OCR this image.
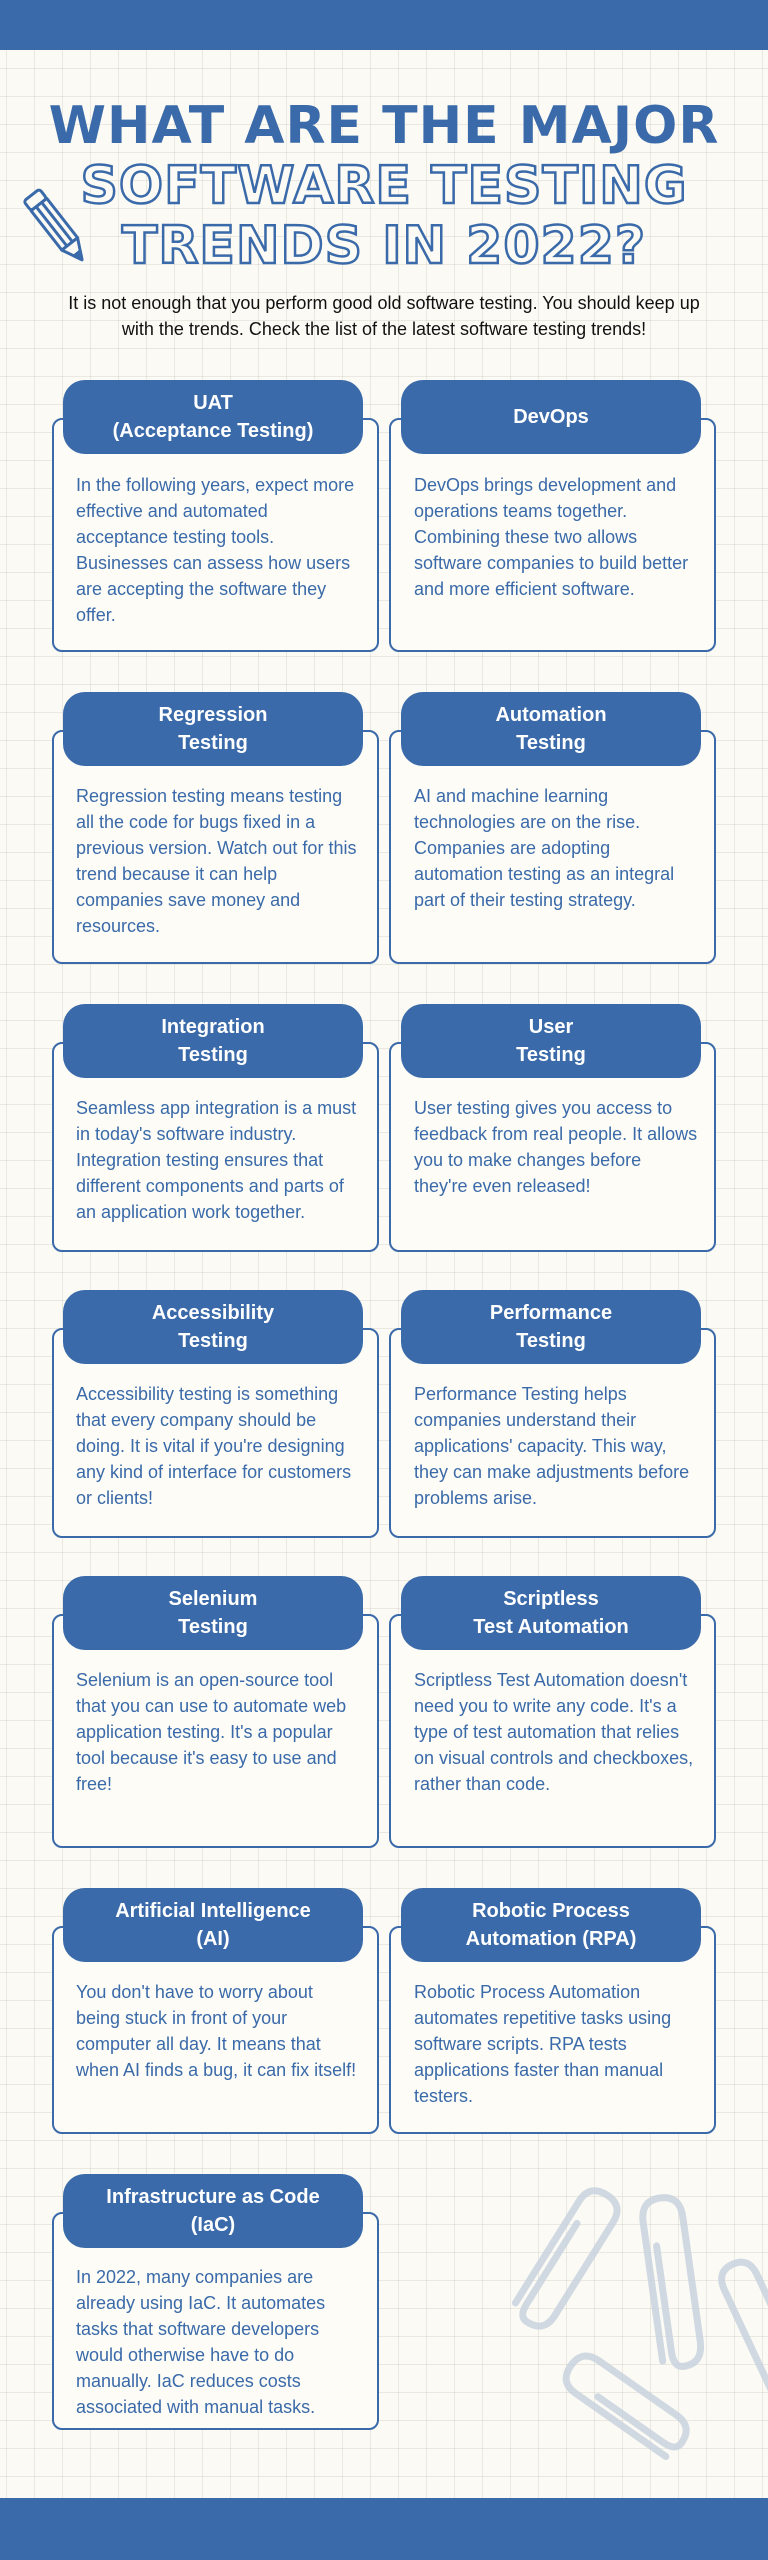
WHAT ARE THE MAJOR
SOFTWARE TESTING
TRENDS IN 2022?
It is not enough that you perform good old software testing. You should keep up with the trends. Check the list of the latest software testing trends!
UAT
(Acceptance Testing)
In the following years, expect more effective and automated acceptance testing tools. Businesses can assess how users are accepting the software they offer.
DevOps
DevOps brings development and operations teams together. Combining these two allows software companies to build better and more efficient software.
Regression
Testing
Regression testing means testing all the code for bugs fixed in a previous version. Watch out for this trend because it can help companies save money and resources.
Automation
Testing
AI and machine learning technologies are on the rise. Companies are adopting automation testing as an integral part of their testing strategy.
Integration
Testing
Seamless app integration is a must in today's software industry. Integration testing ensures that different components and parts of an application work together.
User
Testing
User testing gives you access to feedback from real people. It allows you to make changes before they're even released!
Accessibility
Testing
Accessibility testing is something that every company should be doing. It is vital if you're designing any kind of interface for customers or clients!
Performance
Testing
Performance Testing helps companies understand their applications' capacity. This way, they can make adjustments before problems arise.
Selenium
Testing
Selenium is an open-source tool that you can use to automate web application testing. It's a popular tool because it's easy to use and free!
Scriptless
Test Automation
Scriptless Test Automation doesn't need you to write any code. It's a type of test automation that relies on visual controls and checkboxes, rather than code.
Artificial Intelligence
(AI)
You don't have to worry about being stuck in front of your computer all day. It means that when AI finds a bug, it can fix itself!
Robotic Process
Automation (RPA)
Robotic Process Automation automates repetitive tasks using software scripts. RPA tests applications faster than manual testers.
Infrastructure as Code
(IaC)
In 2022, many companies are already using IaC. It automates tasks that software developers would otherwise have to do manually. IaC reduces costs associated with manual tasks.
